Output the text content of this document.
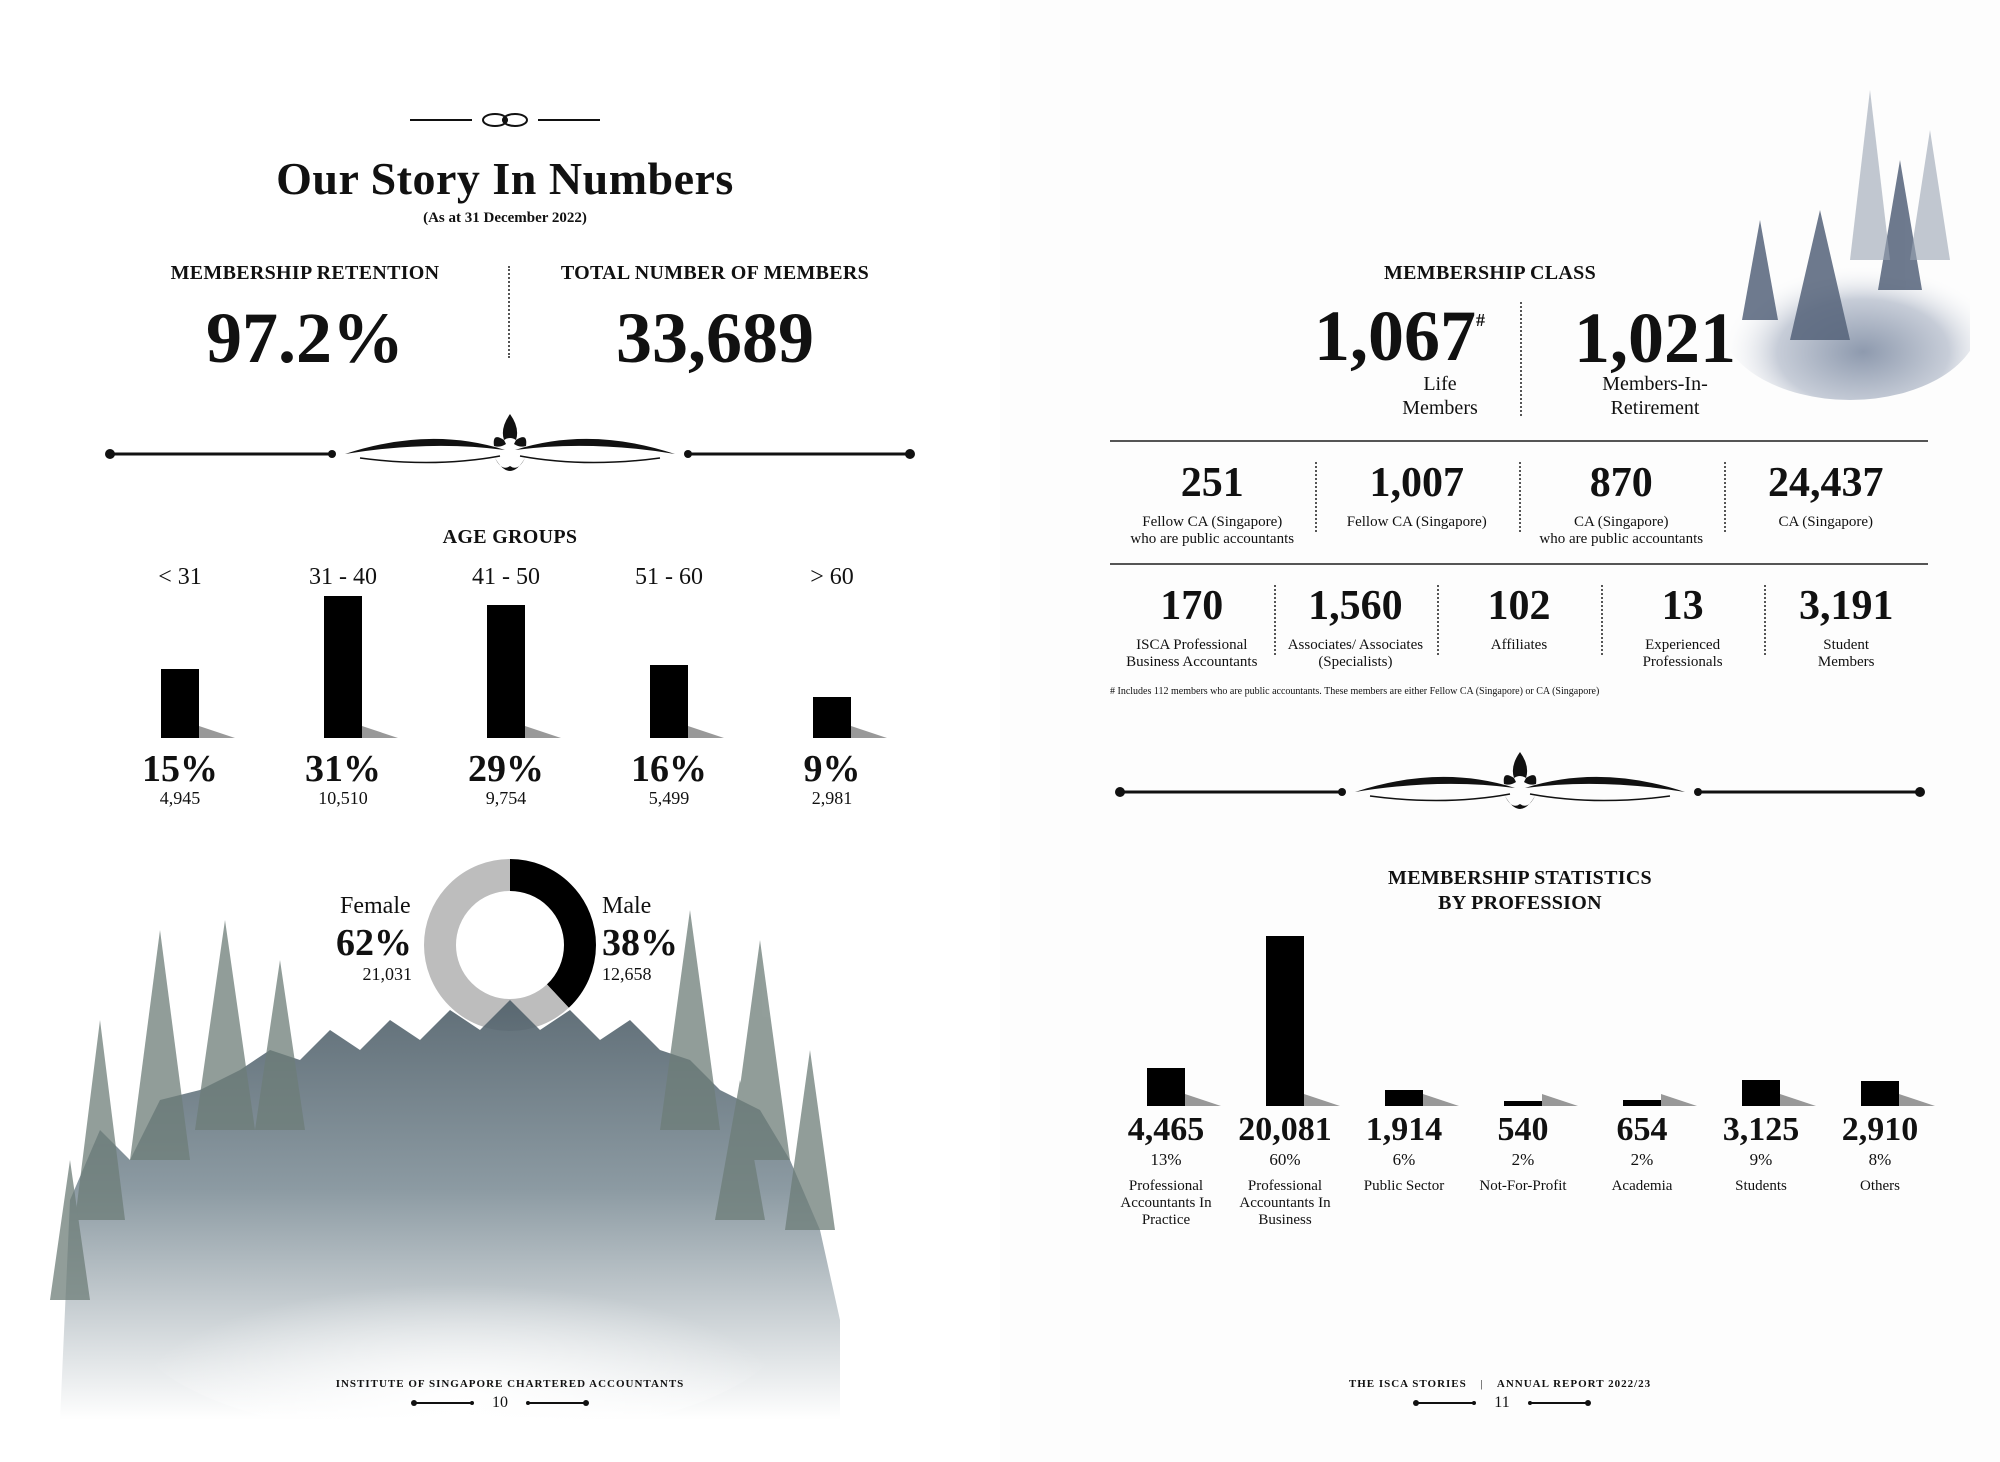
Our Story In Numbers
(As at 31 December 2022)
MEMBERSHIP RETENTION
97.2%
TOTAL NUMBER OF MEMBERS
33,689
AGE GROUPS
< 31
15%
4,945
31 - 40
31%
10,510
41 - 50
29%
9,754
51 - 60
16%
5,499
> 60
9%
2,981
Female
62%
21,031
Male
38%
12,658
INSTITUTE OF SINGAPORE CHARTERED ACCOUNTANTS
10
MEMBERSHIP CLASS
1,067#
Life
Members
1,021
Members-In-
Retirement
251
Fellow CA (Singapore)
who are public accountants
1,007
Fellow CA (Singapore)
870
CA (Singapore)
who are public accountants
24,437
CA (Singapore)
170
ISCA Professional
Business Accountants
1,560
Associates/ Associates
(Specialists)
102
Affiliates
13
Experienced
Professionals
3,191
Student
Members
# Includes 112 members who are public accountants. These members are either Fellow CA (Singapore) or CA (Singapore)
MEMBERSHIP STATISTICS
BY PROFESSION
4,465
13%
Professional
Accountants In
Practice
20,081
60%
Professional
Accountants In
Business
1,914
6%
Public Sector
540
2%
Not-For-Profit
654
2%
Academia
3,125
9%
Students
2,910
8%
Others
THE ISCA STORIES | ANNUAL REPORT 2022/23
11
